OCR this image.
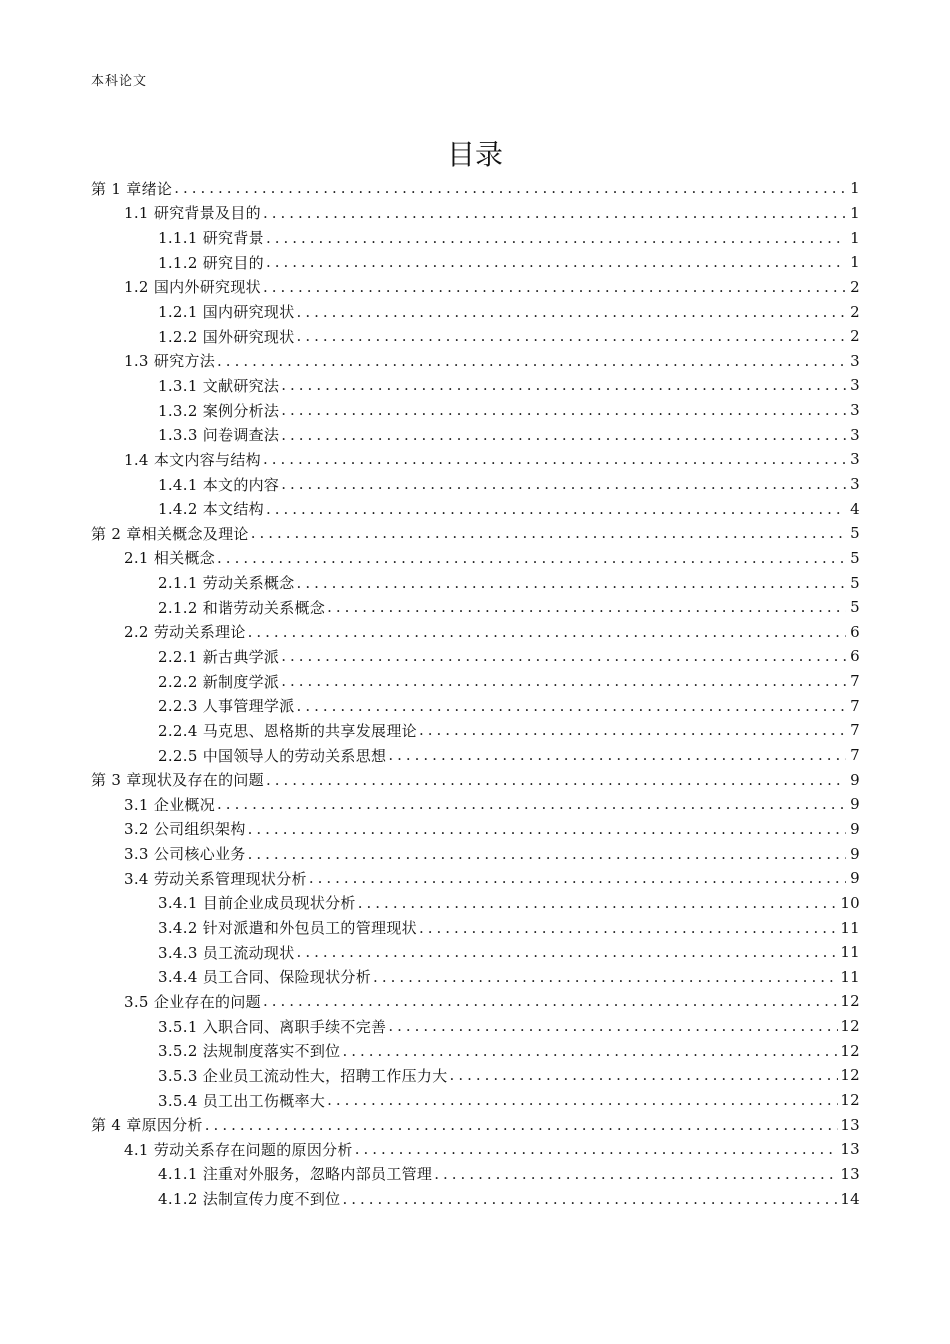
本科论文
目录
第 1 章绪论 .....	1
1.1 研究背景及目的 .....	1
1.1.1 研究背景 .....	1
1.1.2 研究目的 .....	1
1.2 国内外研究现状 .....	2
1.2.1 国内研究现状 .....	2
1.2.2 国外研究现状 .....	2
1.3 研究方法 .....	3
1.3.1 文献研究法 .....	3
1.3.2 案例分析法 .....	3
1.3.3 问卷调查法 .....	3
1.4 本文内容与结构 .....	3
1.4.1 本文的内容 .....	3
1.4.2 本文结构 .....	4
第 2 章相关概念及理论 .....	5
2.1 相关概念 .....	5
2.1.1 劳动关系概念 .....	5
2.1.2 和谐劳动关系概念 .....	5
2.2 劳动关系理论 .....	6
2.2.1 新古典学派 .....	6
2.2.2 新制度学派 .....	7
2.2.3 人事管理学派 .....	7
2.2.4 马克思、恩格斯的共享发展理论 .....	7
2.2.5 中国领导人的劳动关系思想 .....	7
第 3 章现状及存在的问题 .....	9
3.1 企业概况 .....	9
3.2 公司组织架构 .....	9
3.3 公司核心业务 .....	9
3.4 劳动关系管理现状分析 .....	9
3.4.1 目前企业成员现状分析 .....	10
3.4.2 针对派遣和外包员工的管理现状 .....	11
3.4.3 员工流动现状 .....	11
3.4.4 员工合同、保险现状分析 .....	11
3.5 企业存在的问题 .....	12
3.5.1 入职合同、离职手续不完善 .....	12
3.5.2 法规制度落实不到位 .....	12
3.5.3 企业员工流动性大，招聘工作压力大 .....	12
3.5.4 员工出工伤概率大 .....	12
第 4 章原因分析 .....	13
4.1 劳动关系存在问题的原因分析 .....	13
4.1.1 注重对外服务，忽略内部员工管理 .....	13
4.1.2 法制宣传力度不到位 .....	14
